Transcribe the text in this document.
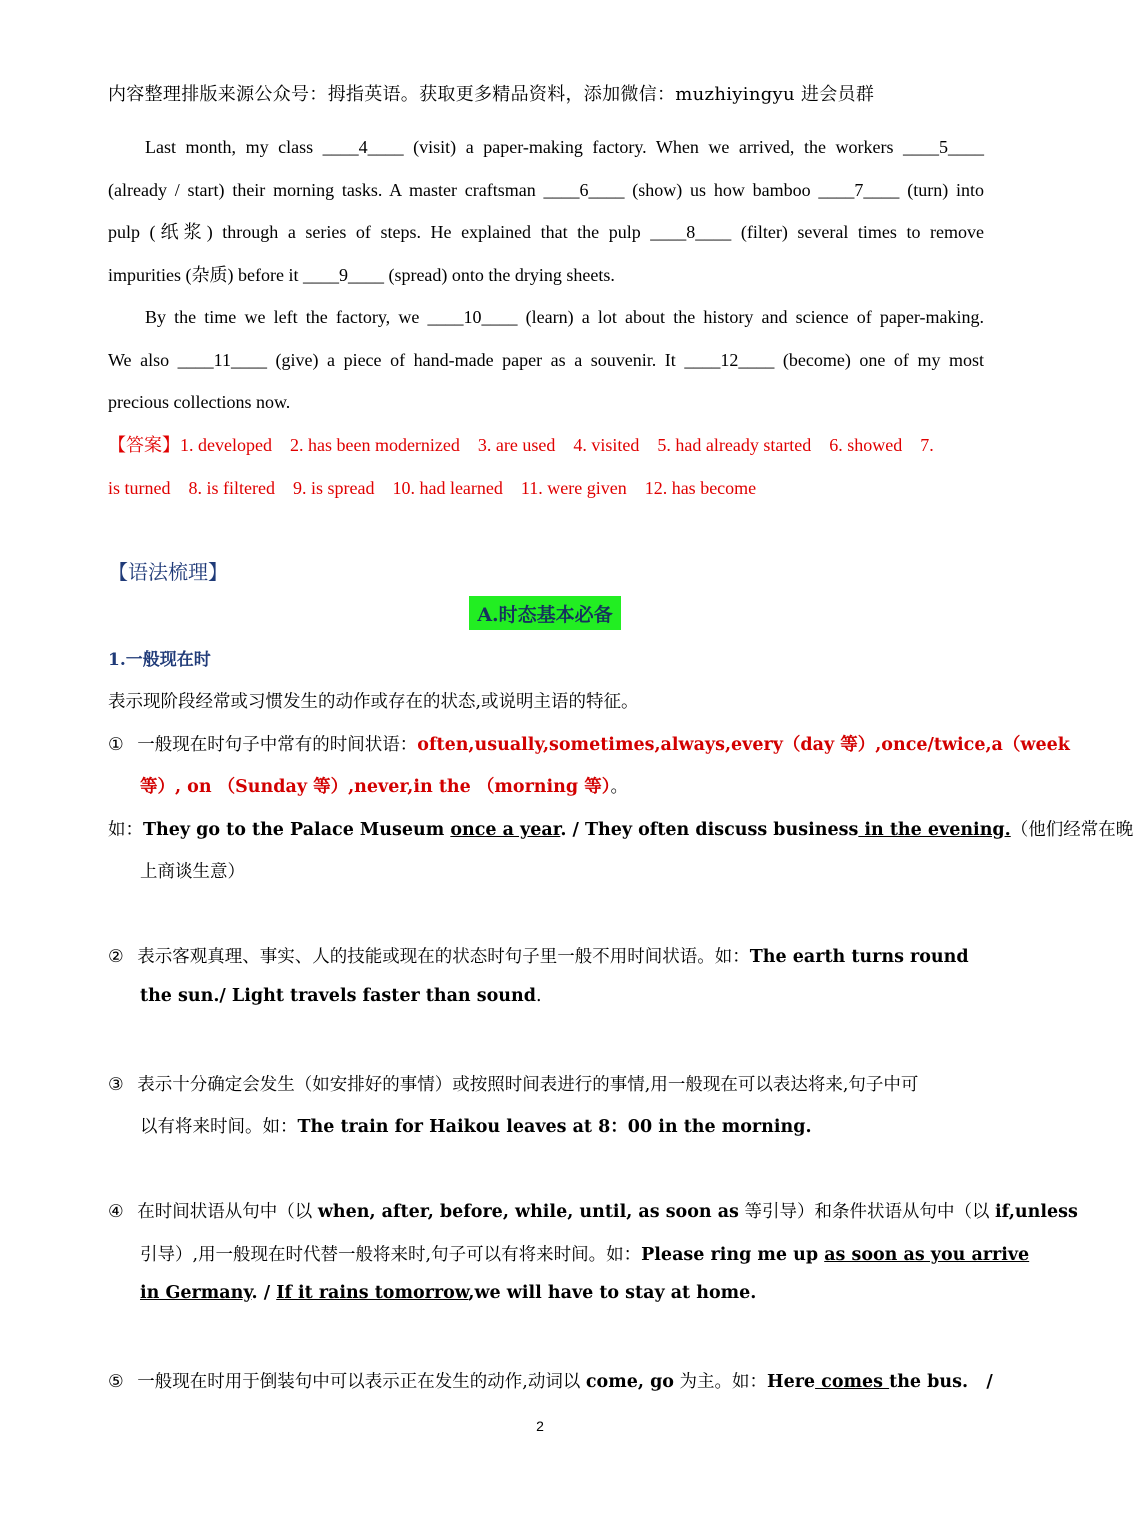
内容整理排版来源公众号：拇指英语。获取更多精品资料，添加微信：muzhiyingyu 进会员群
Last month, my class ____4____ (visit) a paper-making factory. When we arrived, the workers ____5____
(already / start) their morning tasks. A master craftsman ____6____ (show) us how bamboo ____7____ (turn) into
pulp (纸浆) through a series of steps. He explained that the pulp ____8____ (filter) several times to remove
impurities (杂质) before it ____9____ (spread) onto the drying sheets.
By the time we left the factory, we ____10____ (learn) a lot about the history and science of paper-making.
We also ____11____ (give) a piece of hand-made paper as a souvenir. It ____12____ (become) one of my most
precious collections now.
【答案】1. developed    2. has been modernized    3. are used    4. visited    5. had already started    6. showed    7.
is turned    8. is filtered    9. is spread    10. had learned    11. were given    12. has become
【语法梳理】
A.时态基本必备
1.一般现在时
表示现阶段经常或习惯发生的动作或存在的状态,或说明主语的特征。
① 一般现在时句子中常有的时间状语：often,usually,sometimes,always,every（day 等）,once/twice,a（week
等）, on （Sunday 等）,never,in the （morning 等）。
如：They go to the Palace Museum once a year. / They often discuss business in the evening.（他们经常在晚
上商谈生意）
② 表示客观真理、事实、人的技能或现在的状态时句子里一般不用时间状语。如：The earth turns round
the sun./ Light travels faster than sound.
③ 表示十分确定会发生（如安排好的事情）或按照时间表进行的事情,用一般现在可以表达将来,句子中可
以有将来时间。如：The train for Haikou leaves at 8：00 in the morning.
④ 在时间状语从句中（以 when, after, before, while, until, as soon as 等引导）和条件状语从句中（以 if,unless
引导）,用一般现在时代替一般将来时,句子可以有将来时间。如：Please ring me up as soon as you arrive
in Germany. / If it rains tomorrow,we will have to stay at home.
⑤ 一般现在时用于倒装句中可以表示正在发生的动作,动词以 come, go 为主。如：Here comes the bus.   /
2
